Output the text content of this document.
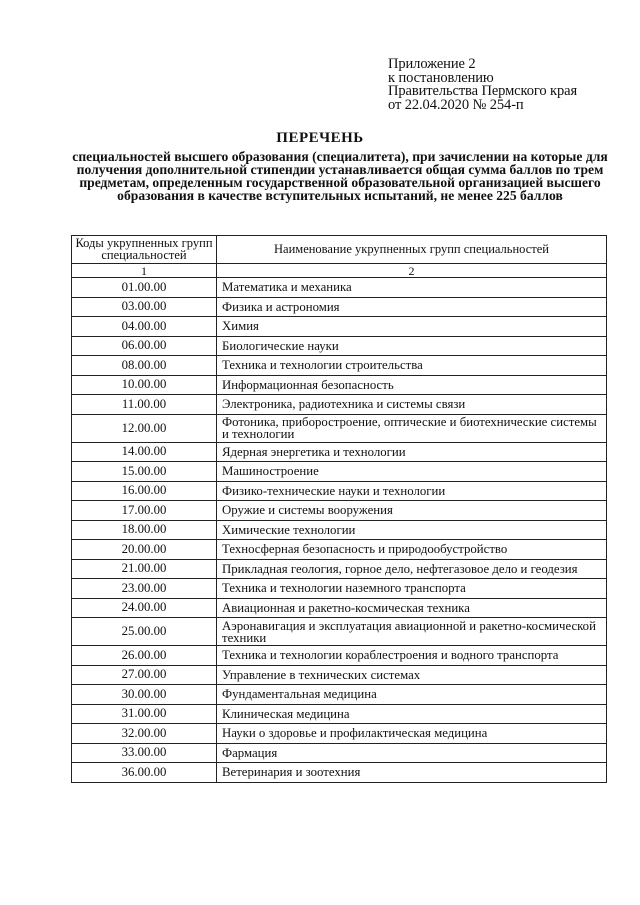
Приложение 2
к постановлению
Правительства Пермского края
от 22.04.2020 № 254-п
ПЕРЕЧЕНЬ
специальностей высшего образования (специалитета), при зачислении на которые для получения дополнительной стипендии устанавливается общая сумма баллов по трем предметам, определенным государственной образовательной организацией высшего образования в качестве вступительных испытаний, не менее 225 баллов
Коды укрупненных групп специальностей	Наименование укрупненных групп специальностей
1	2
01.00.00	Математика и механика
03.00.00	Физика и астрономия
04.00.00	Химия
06.00.00	Биологические науки
08.00.00	Техника и технологии строительства
10.00.00	Информационная безопасность
11.00.00	Электроника, радиотехника и системы связи
12.00.00	Фотоника, приборостроение, оптические и биотехнические системы и технологии
14.00.00	Ядерная энергетика и технологии
15.00.00	Машиностроение
16.00.00	Физико-технические науки и технологии
17.00.00	Оружие и системы вооружения
18.00.00	Химические технологии
20.00.00	Техносферная безопасность и природообустройство
21.00.00	Прикладная геология, горное дело, нефтегазовое дело и геодезия
23.00.00	Техника и технологии наземного транспорта
24.00.00	Авиационная и ракетно-космическая техника
25.00.00	Аэронавигация и эксплуатация авиационной и ракетно-космической техники
26.00.00	Техника и технологии кораблестроения и водного транспорта
27.00.00	Управление в технических системах
30.00.00	Фундаментальная медицина
31.00.00	Клиническая медицина
32.00.00	Науки о здоровье и профилактическая медицина
33.00.00	Фармация
36.00.00	Ветеринария и зоотехния
